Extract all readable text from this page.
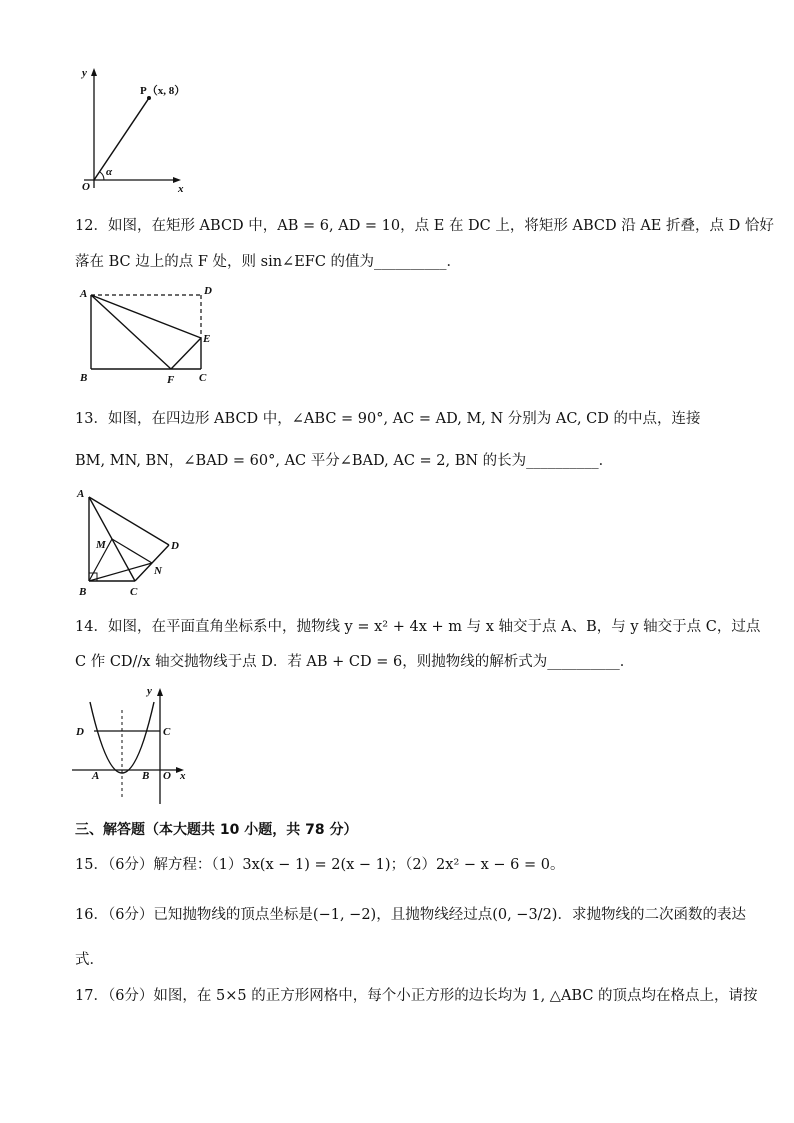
y
P（x, 8）
O
α
x
12．如图，在矩形 ABCD 中，AB = 6, AD = 10，点 E 在 DC 上，将矩形 ABCD 沿 AE 折叠，点 D 恰好
落在 BC 边上的点 F 处，则 sin∠EFC 的值为__________．
A	D
E
B	F C
13．如图，在四边形 ABCD 中，∠ABC = 90°, AC = AD, M, N 分别为 AC, CD 的中点，连接
BM, MN, BN，∠BAD = 60°, AC 平分∠BAD, AC = 2, BN 的长为__________．
A
M	D
N
B	C
14．如图，在平面直角坐标系中，抛物线 y = x² + 4x + m 与 x 轴交于点 A、B，与 y 轴交于点 C，过点
C 作 CD//x 轴交抛物线于点 D．若 AB + CD = 6，则抛物线的解析式为__________．
y
D	C
A	B O x
三、解答题（本大题共 10 小题，共 78 分）
15．（6分）解方程：（1）3x(x − 1) = 2(x − 1)；（2）2x² − x − 6 = 0。
16．（6分）已知抛物线的顶点坐标是(−1, −2)，且抛物线经过点(0, −3/2)．求抛物线的二次函数的表达
式．
17．（6分）如图，在 5×5 的正方形网格中，每个小正方形的边长均为 1, △ABC 的顶点均在格点上，请按
